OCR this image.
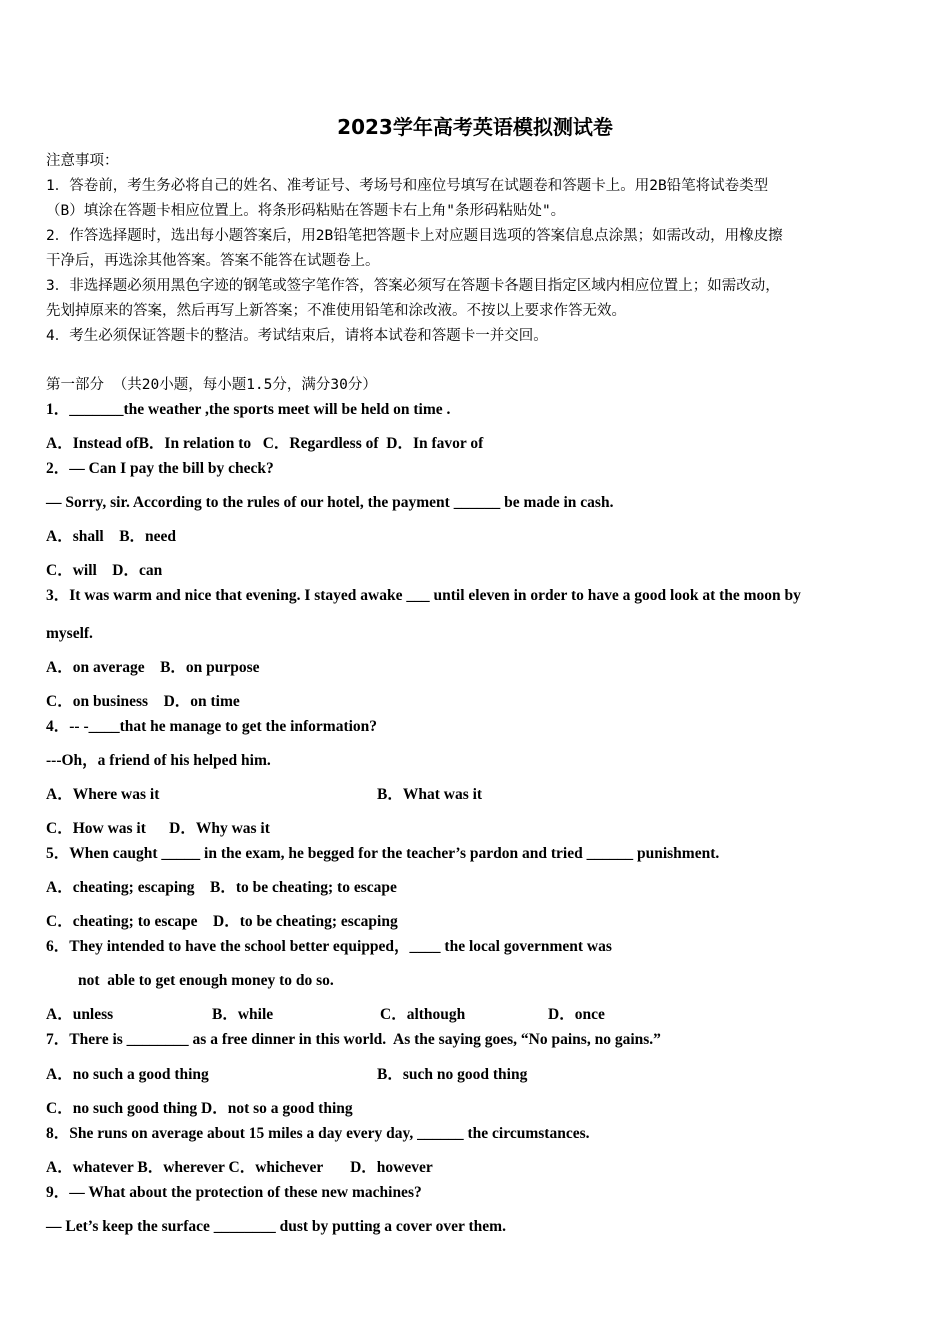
2023学年高考英语模拟测试卷
注意事项：
1．答卷前，考生务必将自己的姓名、准考证号、考场号和座位号填写在试题卷和答题卡上。用2B铅笔将试卷类型
（B）填涂在答题卡相应位置上。将条形码粘贴在答题卡右上角"条形码粘贴处"。
2．作答选择题时，选出每小题答案后，用2B铅笔把答题卡上对应题目选项的答案信息点涂黑；如需改动，用橡皮擦
干净后，再选涂其他答案。答案不能答在试题卷上。
3．非选择题必须用黑色字迹的钢笔或签字笔作答，答案必须写在答题卡各题目指定区域内相应位置上；如需改动，
先划掉原来的答案，然后再写上新答案；不准使用铅笔和涂改液。不按以上要求作答无效。
4．考生必须保证答题卡的整洁。考试结束后，请将本试卷和答题卡一并交回。
第一部分 （共20小题，每小题1.5分，满分30分）
1．_______the weather ,the sports meet will be held on time .
A．Instead ofB．In relation to   C．Regardless of  D．In favor of
2．— Can I pay the bill by check?
— Sorry, sir. According to the rules of our hotel, the payment ______ be made in cash.
A．shall    B．need
C．will    D．can
3．It was warm and nice that evening. I stayed awake ___ until eleven in order to have a good look at the moon by
myself.
A．on average    B．on purpose
C．on business    D．on time
4．-- -____that he manage to get the information?
---Oh，a friend of his helped him.
A．Where was it	B．What was it
C．How was it      D．Why was it
5．When caught _____ in the exam, he begged for the teacher’s pardon and tried ______ punishment.
A．cheating; escaping    B．to be cheating; to escape
C．cheating; to escape    D．to be cheating; escaping
6．They intended to have the school better equipped，____ the local government was
not  able to get enough money to do so.
A．unless	B．while	C．although	D．once
7．There is ________ as a free dinner in this world.  As the saying goes, “No pains, no gains.”
A．no such a good thing	B．such no good thing
C．no such good thing D．not so a good thing
8．She runs on average about 15 miles a day every day, ______ the circumstances.
A．whatever B．wherever C．whichever       D．however
9．— What about the protection of these new machines?
— Let’s keep the surface ________ dust by putting a cover over them.
